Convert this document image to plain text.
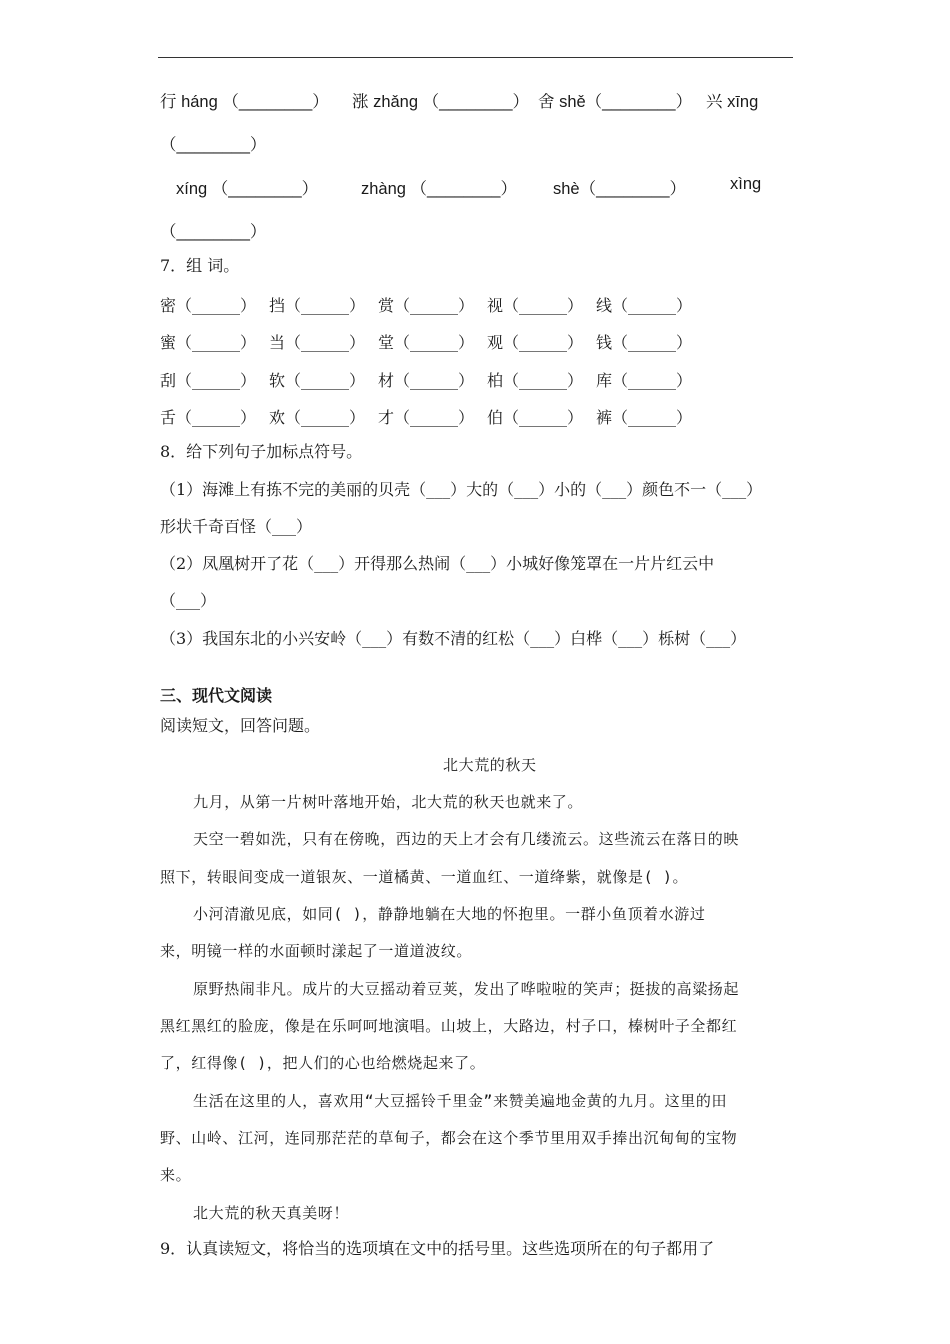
行 háng （________） 涨 zhǎng （________） 舍 shě（________） 兴 xīng
（________）
xíng （________）	zhàng （________） shè（________）	xìng
（________）
7．组 词。
密（______） 挡（______） 赏（______） 视（______） 线（______）
蜜（______） 当（______） 堂（______） 观（______） 钱（______）
刮（______） 软（______） 材（______） 柏（______） 库（______）
舌（______） 欢（______） 才（______） 伯（______） 裤（______）
8．给下列句子加标点符号。
（1）海滩上有拣不完的美丽的贝壳（___）大的（___）小的（___）颜色不一（___）
形状千奇百怪（___）
（2）凤凰树开了花（___）开得那么热闹（___）小城好像笼罩在一片片红云中
（___）
（3）我国东北的小兴安岭（___）有数不清的红松（___）白桦（___）栎树（___）
三、现代文阅读
阅读短文，回答问题。
北大荒的秋天
九月，从第一片树叶落地开始，北大荒的秋天也就来了。
天空一碧如洗，只有在傍晚，西边的天上才会有几缕流云。这些流云在落日的映
照下，转眼间变成一道银灰、一道橘黄、一道血红、一道绛紫，就像是( )。
小河清澈见底，如同( )，静静地躺在大地的怀抱里。一群小鱼顶着水游过
来，明镜一样的水面顿时漾起了一道道波纹。
原野热闹非凡。成片的大豆摇动着豆荚，发出了哗啦啦的笑声；挺拔的高粱扬起
黑红黑红的脸庞，像是在乐呵呵地演唱。山坡上，大路边，村子口，榛树叶子全都红
了，红得像( )，把人们的心也给燃烧起来了。
生活在这里的人，喜欢用“大豆摇铃千里金”来赞美遍地金黄的九月。这里的田
野、山岭、江河，连同那茫茫的草甸子，都会在这个季节里用双手捧出沉甸甸的宝物
来。
北大荒的秋天真美呀！
9．认真读短文，将恰当的选项填在文中的括号里。这些选项所在的句子都用了
